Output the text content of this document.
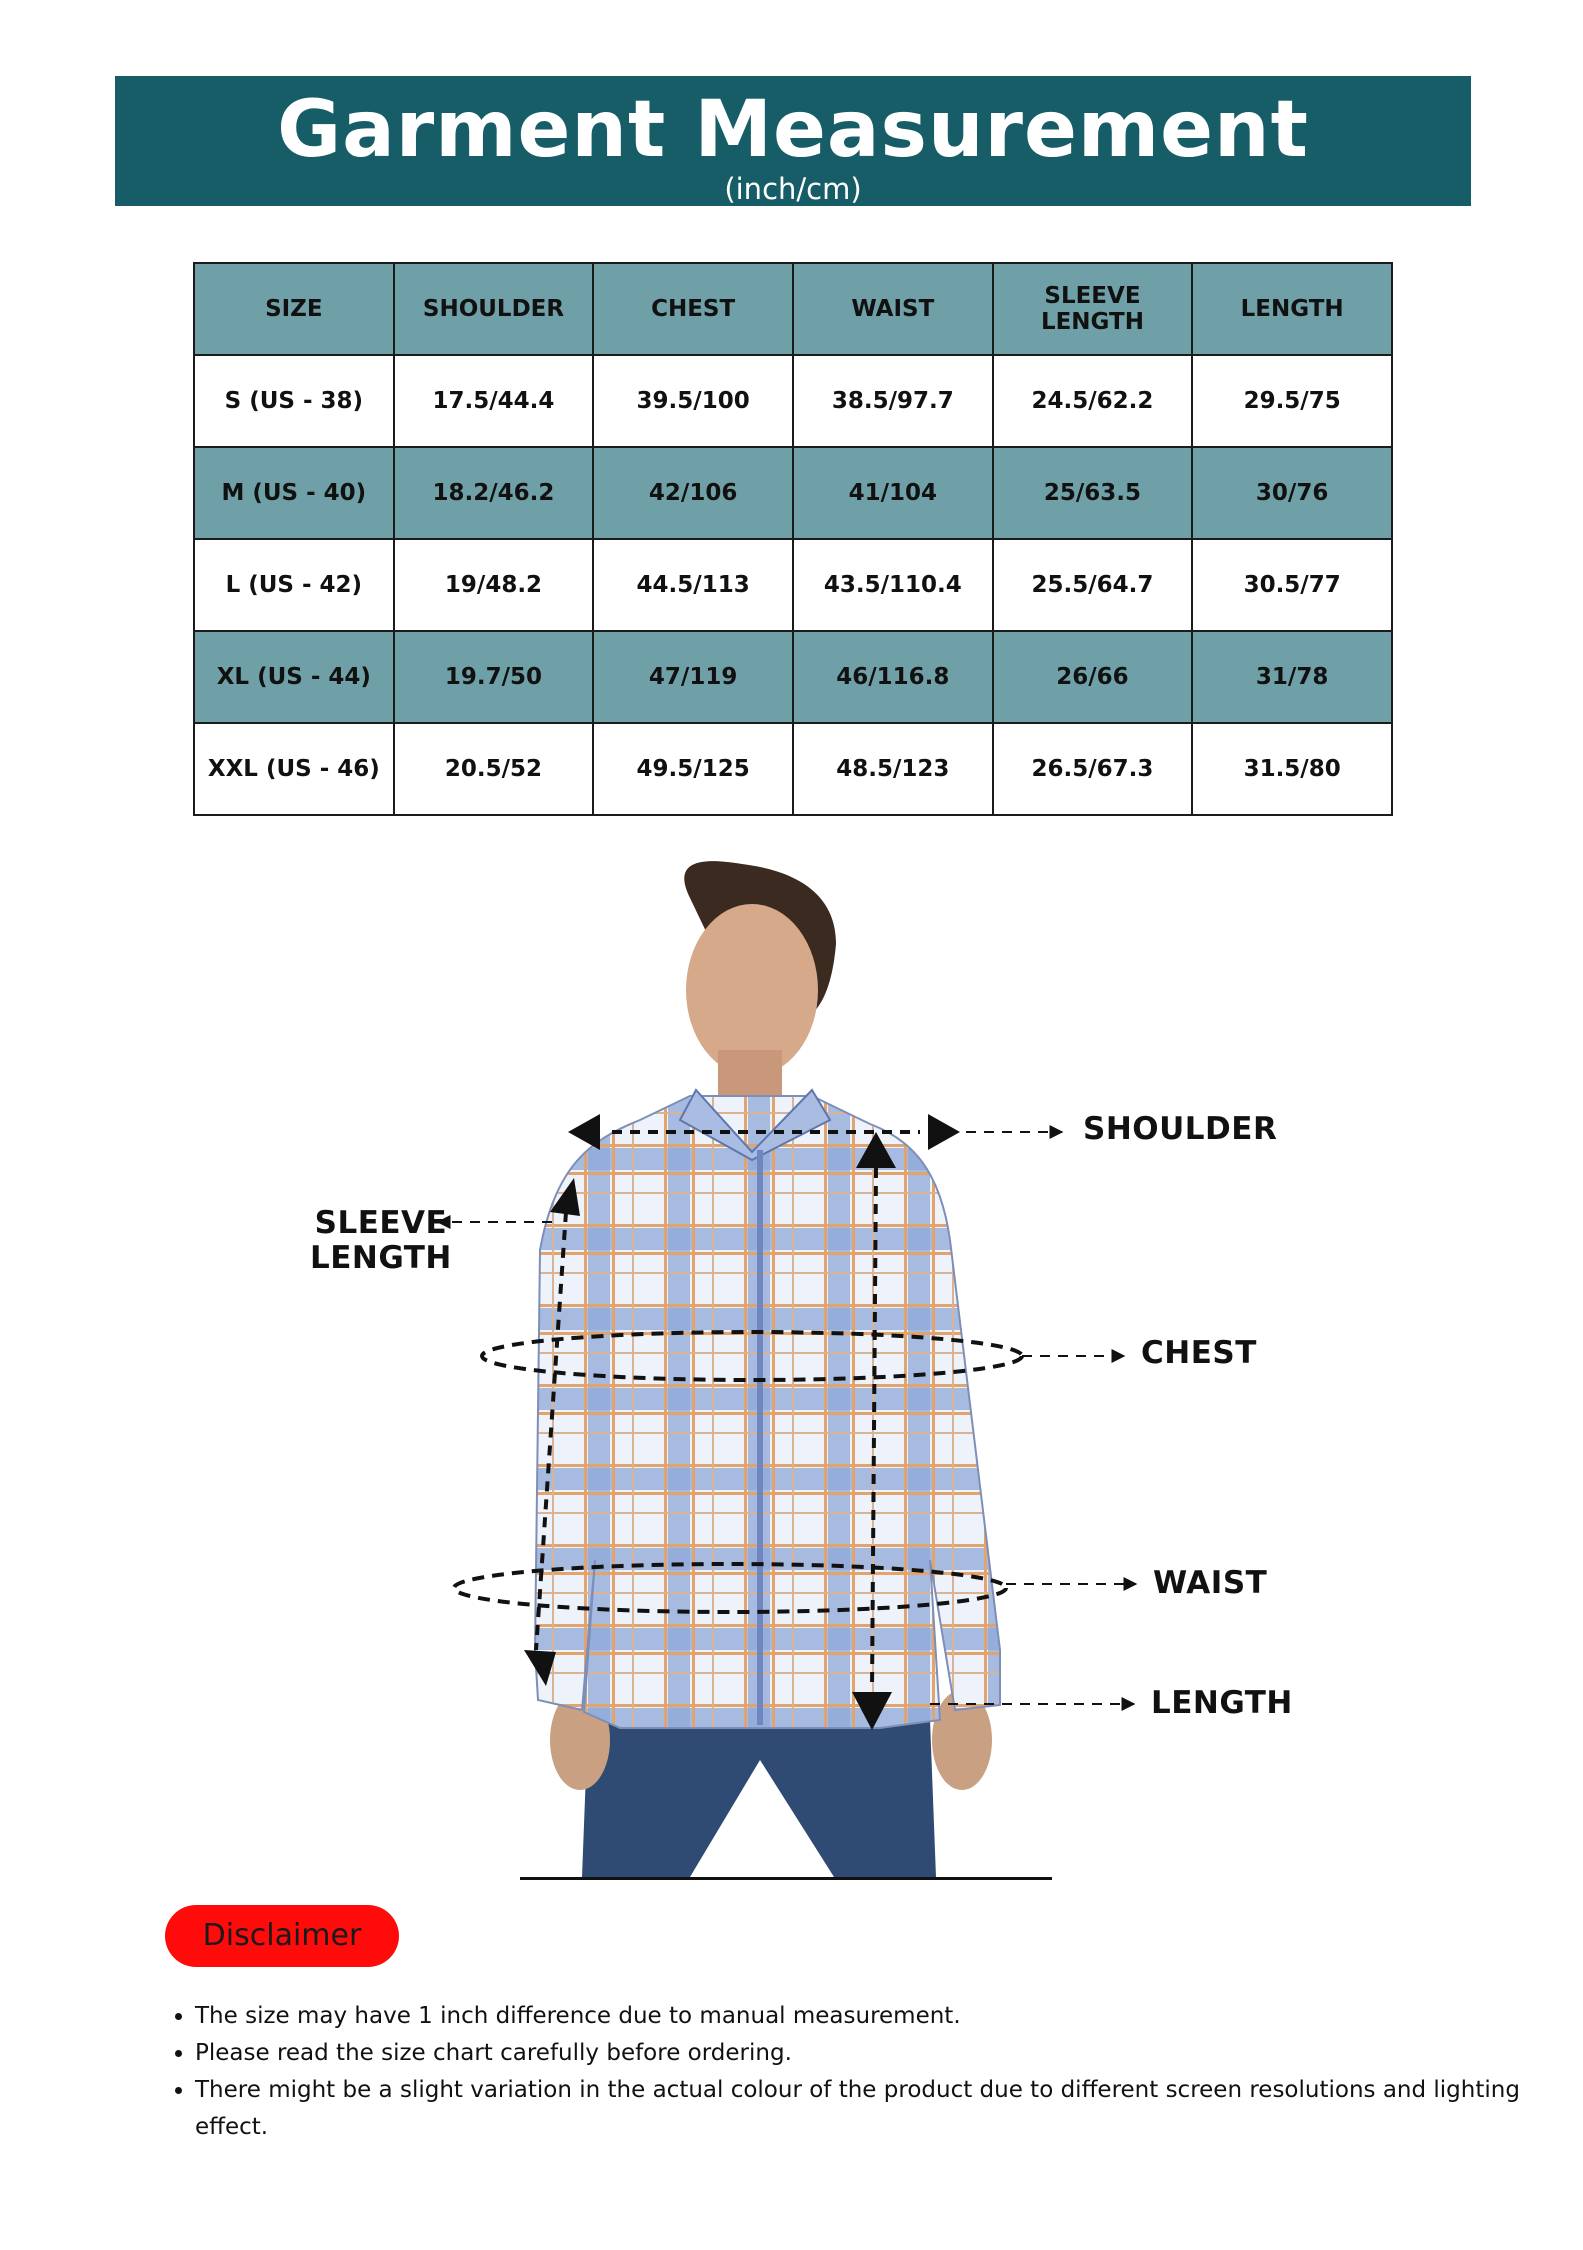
Garment Measurement
(inch/cm)
SIZE	SHOULDER	CHEST	WAIST	SLEEVE LENGTH	LENGTH
S (US - 38)	17.5/44.4	39.5/100	38.5/97.7	24.5/62.2	29.5/75
M (US - 40)	18.2/46.2	42/106	41/104	25/63.5	30/76
L (US - 42)	19/48.2	44.5/113	43.5/110.4	25.5/64.7	30.5/77
XL (US - 44)	19.7/50	47/119	46/116.8	26/66	31/78
XXL (US - 46)	20.5/52	49.5/125	48.5/123	26.5/67.3	31.5/80
SHOULDER
SLEEVE
LENGTH
CHEST
WAIST
LENGTH
Disclaimer
• The size may have 1 inch difference due to manual measurement.
• Please read the size chart carefully before ordering.
• There might be a slight variation in the actual colour of the product due to different screen resolutions and lighting effect.
